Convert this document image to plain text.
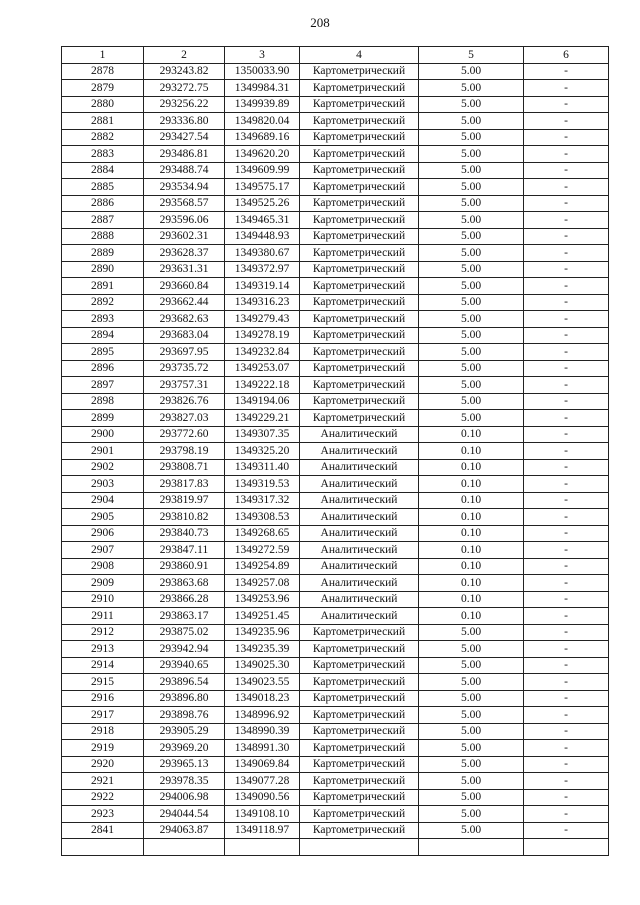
208
1	2	3	4	5	6
2878	293243.82	1350033.90	Картометрический	5.00	-
2879	293272.75	1349984.31	Картометрический	5.00	-
2880	293256.22	1349939.89	Картометрический	5.00	-
2881	293336.80	1349820.04	Картометрический	5.00	-
2882	293427.54	1349689.16	Картометрический	5.00	-
2883	293486.81	1349620.20	Картометрический	5.00	-
2884	293488.74	1349609.99	Картометрический	5.00	-
2885	293534.94	1349575.17	Картометрический	5.00	-
2886	293568.57	1349525.26	Картометрический	5.00	-
2887	293596.06	1349465.31	Картометрический	5.00	-
2888	293602.31	1349448.93	Картометрический	5.00	-
2889	293628.37	1349380.67	Картометрический	5.00	-
2890	293631.31	1349372.97	Картометрический	5.00	-
2891	293660.84	1349319.14	Картометрический	5.00	-
2892	293662.44	1349316.23	Картометрический	5.00	-
2893	293682.63	1349279.43	Картометрический	5.00	-
2894	293683.04	1349278.19	Картометрический	5.00	-
2895	293697.95	1349232.84	Картометрический	5.00	-
2896	293735.72	1349253.07	Картометрический	5.00	-
2897	293757.31	1349222.18	Картометрический	5.00	-
2898	293826.76	1349194.06	Картометрический	5.00	-
2899	293827.03	1349229.21	Картометрический	5.00	-
2900	293772.60	1349307.35	Аналитический	0.10	-
2901	293798.19	1349325.20	Аналитический	0.10	-
2902	293808.71	1349311.40	Аналитический	0.10	-
2903	293817.83	1349319.53	Аналитический	0.10	-
2904	293819.97	1349317.32	Аналитический	0.10	-
2905	293810.82	1349308.53	Аналитический	0.10	-
2906	293840.73	1349268.65	Аналитический	0.10	-
2907	293847.11	1349272.59	Аналитический	0.10	-
2908	293860.91	1349254.89	Аналитический	0.10	-
2909	293863.68	1349257.08	Аналитический	0.10	-
2910	293866.28	1349253.96	Аналитический	0.10	-
2911	293863.17	1349251.45	Аналитический	0.10	-
2912	293875.02	1349235.96	Картометрический	5.00	-
2913	293942.94	1349235.39	Картометрический	5.00	-
2914	293940.65	1349025.30	Картометрический	5.00	-
2915	293896.54	1349023.55	Картометрический	5.00	-
2916	293896.80	1349018.23	Картометрический	5.00	-
2917	293898.76	1348996.92	Картометрический	5.00	-
2918	293905.29	1348990.39	Картометрический	5.00	-
2919	293969.20	1348991.30	Картометрический	5.00	-
2920	293965.13	1349069.84	Картометрический	5.00	-
2921	293978.35	1349077.28	Картометрический	5.00	-
2922	294006.98	1349090.56	Картометрический	5.00	-
2923	294044.54	1349108.10	Картометрический	5.00	-
2841	294063.87	1349118.97	Картометрический	5.00	-
